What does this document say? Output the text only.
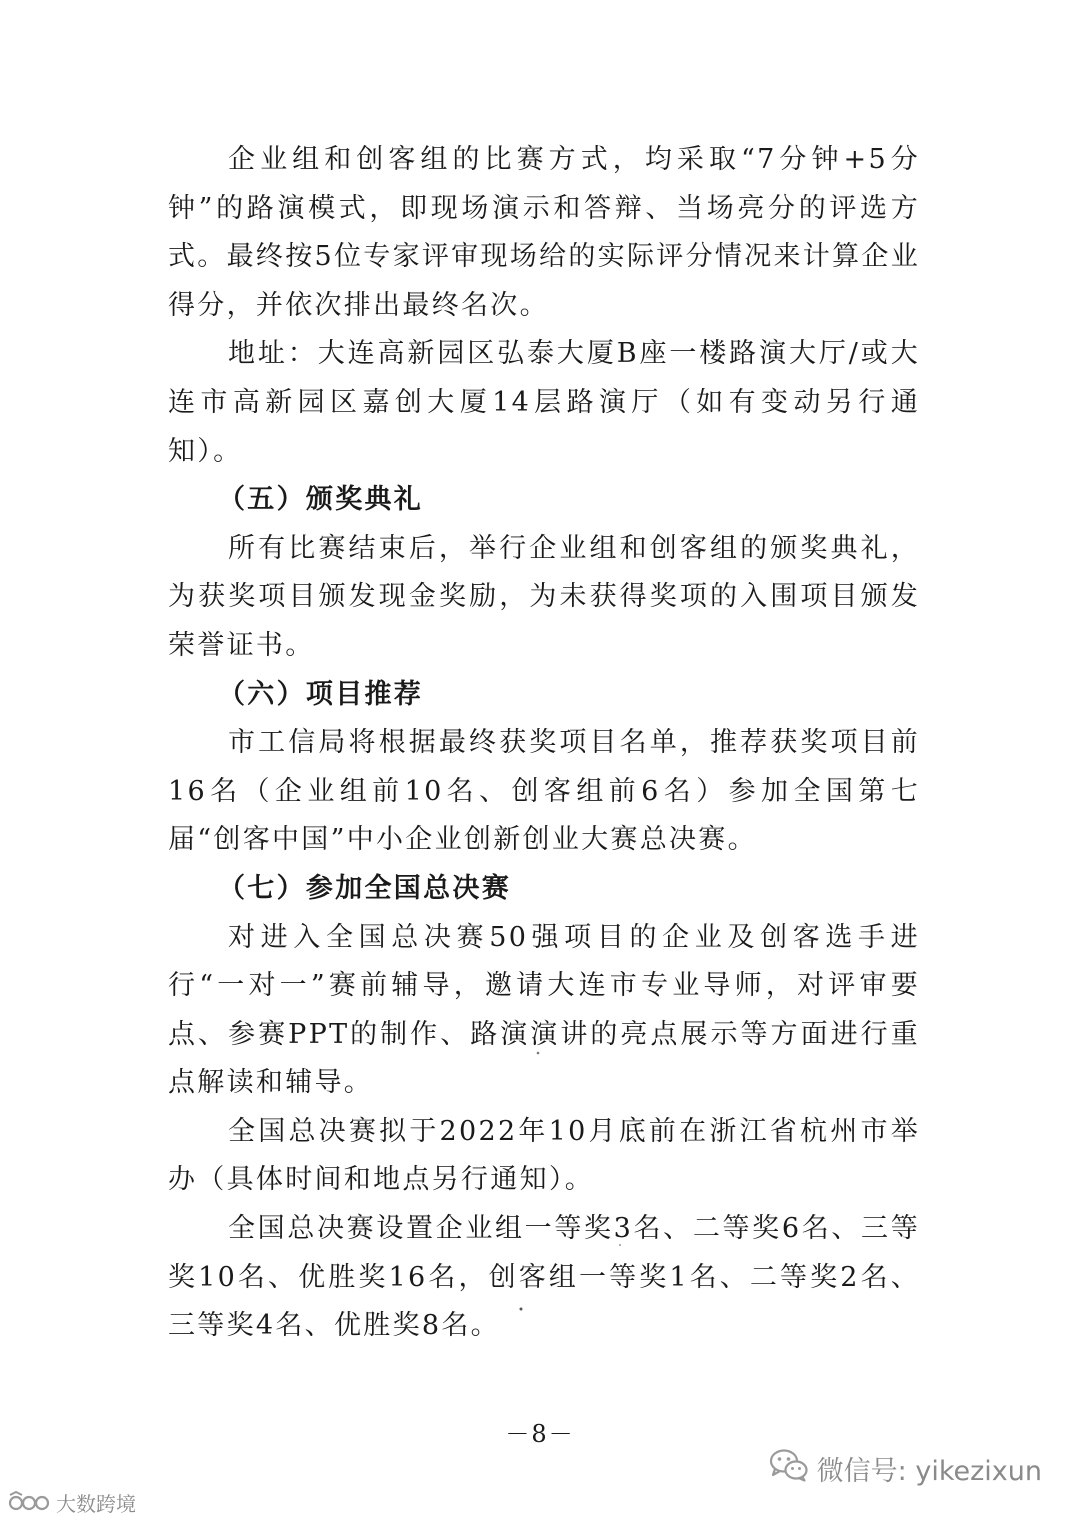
企业组和创客组的比赛方式，均采取“7分钟+5分钟”的路演模式，即现场演示和答辩、当场亮分的评选方式。最终按5位专家评审现场给的实际评分情况来计算企业得分，并依次排出最终名次。

地址：大连高新园区弘泰大厦B座一楼路演大厅/或大连市高新园区嘉创大厦14层路演厅（如有变动另行通知）。

（五）颁奖典礼

所有比赛结束后，举行企业组和创客组的颁奖典礼，为获奖项目颁发现金奖励，为未获得奖项的入围项目颁发荣誉证书。

（六）项目推荐

市工信局将根据最终获奖项目名单，推荐获奖项目前16名（企业组前10名、创客组前6名）参加全国第七届“创客中国”中小企业创新创业大赛总决赛。

（七）参加全国总决赛

对进入全国总决赛50强项目的企业及创客选手进行“一对一”赛前辅导，邀请大连市专业导师，对评审要点、参赛PPT的制作、路演演讲的亮点展示等方面进行重点解读和辅导。

全国总决赛拟于2022年10月底前在浙江省杭州市举办（具体时间和地点另行通知）。

全国总决赛设置企业组一等奖3名、二等奖6名、三等奖10名、优胜奖16名，创客组一等奖1名、二等奖2名、三等奖4名、优胜奖8名。

－8－
大数跨境
微信号: yikezixun
